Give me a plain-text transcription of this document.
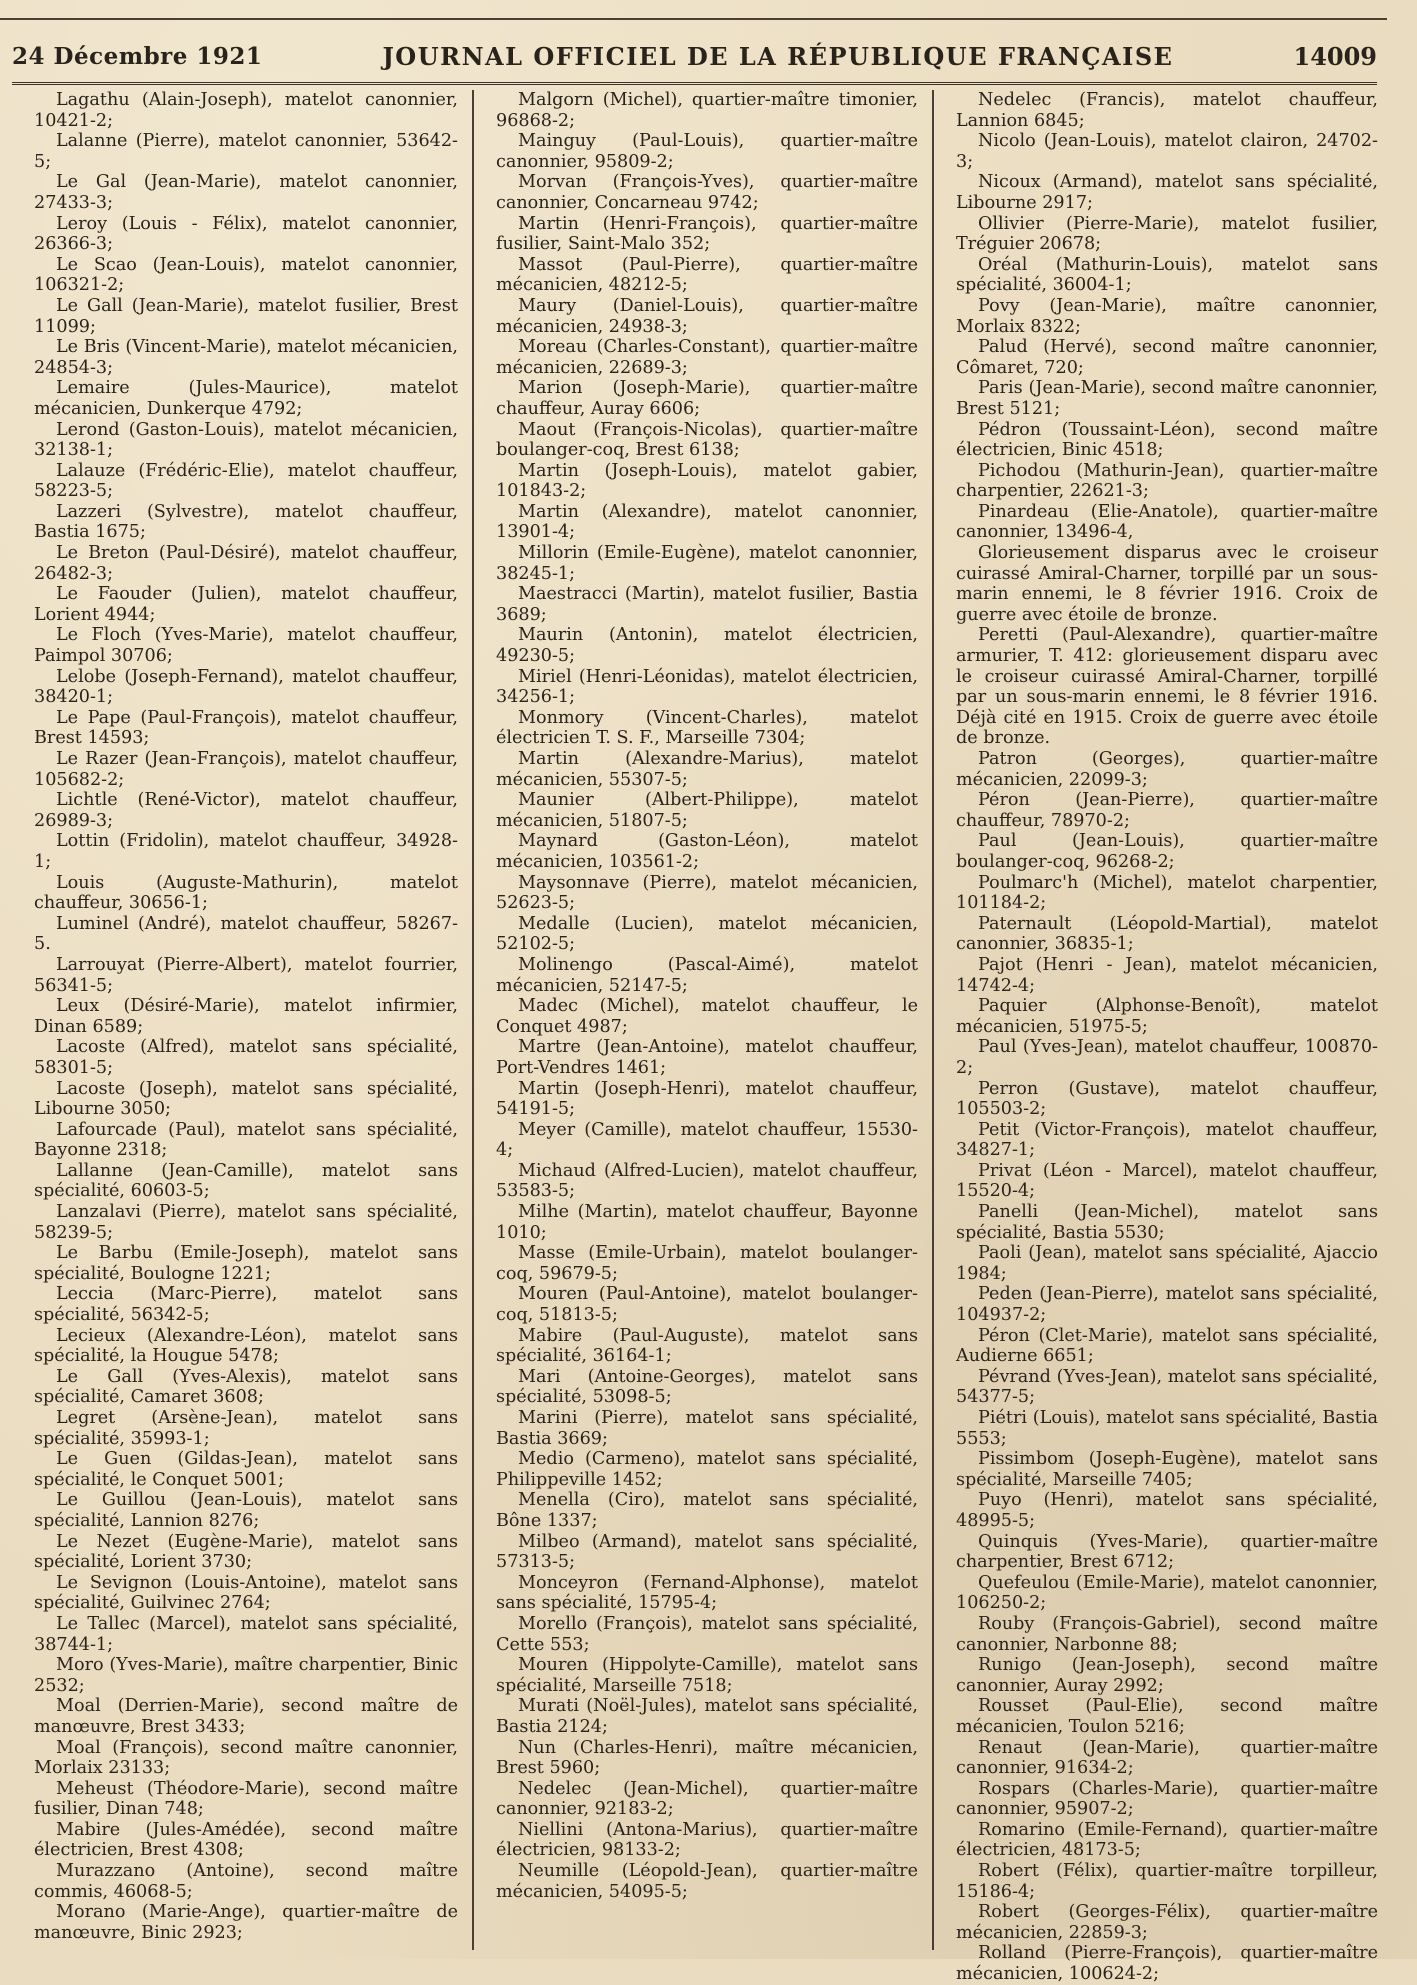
24 Décembre 1921	JOURNAL OFFICIEL DE LA RÉPUBLIQUE FRANÇAISE	14009

Lagathu (Alain-Joseph), matelot canonnier, 10421-2;

Lalanne (Pierre), matelot canonnier, 53642-5;

Le Gal (Jean-Marie), matelot canonnier, 27433-3;

Leroy (Louis - Félix), matelot canonnier, 26366-3;

Le Scao (Jean-Louis), matelot canonnier, 106321-2;

Le Gall (Jean-Marie), matelot fusilier, Brest 11099;

Le Bris (Vincent-Marie), matelot mécanicien, 24854-3;

Lemaire (Jules-Maurice), matelot mécanicien, Dunkerque 4792;

Lerond (Gaston-Louis), matelot mécanicien, 32138-1;

Lalauze (Frédéric-Elie), matelot chauffeur, 58223-5;

Lazzeri (Sylvestre), matelot chauffeur, Bastia 1675;

Le Breton (Paul-Désiré), matelot chauffeur, 26482-3;

Le Faouder (Julien), matelot chauffeur, Lorient 4944;

Le Floch (Yves-Marie), matelot chauffeur, Paimpol 30706;

Lelobe (Joseph-Fernand), matelot chauffeur, 38420-1;

Le Pape (Paul-François), matelot chauffeur, Brest 14593;

Le Razer (Jean-François), matelot chauffeur, 105682-2;

Lichtle (René-Victor), matelot chauffeur, 26989-3;

Lottin (Fridolin), matelot chauffeur, 34928-1;

Louis (Auguste-Mathurin), matelot chauffeur, 30656-1;

Luminel (André), matelot chauffeur, 58267-5.

Larrouyat (Pierre-Albert), matelot fourrier, 56341-5;

Leux (Désiré-Marie), matelot infirmier, Dinan 6589;

Lacoste (Alfred), matelot sans spécialité, 58301-5;

Lacoste (Joseph), matelot sans spécialité, Libourne 3050;

Lafourcade (Paul), matelot sans spécialité, Bayonne 2318;

Lallanne (Jean-Camille), matelot sans spécialité, 60603-5;

Lanzalavi (Pierre), matelot sans spécialité, 58239-5;

Le Barbu (Emile-Joseph), matelot sans spécialité, Boulogne 1221;

Leccia (Marc-Pierre), matelot sans spécialité, 56342-5;

Lecieux (Alexandre-Léon), matelot sans spécialité, la Hougue 5478;

Le Gall (Yves-Alexis), matelot sans spécialité, Camaret 3608;

Legret (Arsène-Jean), matelot sans spécialité, 35993-1;

Le Guen (Gildas-Jean), matelot sans spécialité, le Conquet 5001;

Le Guillou (Jean-Louis), matelot sans spécialité, Lannion 8276;

Le Nezet (Eugène-Marie), matelot sans spécialité, Lorient 3730;

Le Sevignon (Louis-Antoine), matelot sans spécialité, Guilvinec 2764;

Le Tallec (Marcel), matelot sans spécialité, 38744-1;

Moro (Yves-Marie), maître charpentier, Binic 2532;

Moal (Derrien-Marie), second maître de manœuvre, Brest 3433;

Moal (François), second maître canonnier, Morlaix 23133;

Meheust (Théodore-Marie), second maître fusilier, Dinan 748;

Mabire (Jules-Amédée), second maître électricien, Brest 4308;

Murazzano (Antoine), second maître commis, 46068-5;

Morano (Marie-Ange), quartier-maître de manœuvre, Binic 2923;

Malgorn (Michel), quartier-maître timonier, 96868-2;

Mainguy (Paul-Louis), quartier-maître canonnier, 95809-2;

Morvan (François-Yves), quartier-maître canonnier, Concarneau 9742;

Martin (Henri-François), quartier-maître fusilier, Saint-Malo 352;

Massot (Paul-Pierre), quartier-maître mécanicien, 48212-5;

Maury (Daniel-Louis), quartier-maître mécanicien, 24938-3;

Moreau (Charles-Constant), quartier-maître mécanicien, 22689-3;

Marion (Joseph-Marie), quartier-maître chauffeur, Auray 6606;

Maout (François-Nicolas), quartier-maître boulanger-coq, Brest 6138;

Martin (Joseph-Louis), matelot gabier, 101843-2;

Martin (Alexandre), matelot canonnier, 13901-4;

Millorin (Emile-Eugène), matelot canonnier, 38245-1;

Maestracci (Martin), matelot fusilier, Bastia 3689;

Maurin (Antonin), matelot électricien, 49230-5;

Miriel (Henri-Léonidas), matelot électricien, 34256-1;

Monmory (Vincent-Charles), matelot électricien T. S. F., Marseille 7304;

Martin (Alexandre-Marius), matelot mécanicien, 55307-5;

Maunier (Albert-Philippe), matelot mécanicien, 51807-5;

Maynard (Gaston-Léon), matelot mécanicien, 103561-2;

Maysonnave (Pierre), matelot mécanicien, 52623-5;

Medalle (Lucien), matelot mécanicien, 52102-5;

Molinengo (Pascal-Aimé), matelot mécanicien, 52147-5;

Madec (Michel), matelot chauffeur, le Conquet 4987;

Martre (Jean-Antoine), matelot chauffeur, Port-Vendres 1461;

Martin (Joseph-Henri), matelot chauffeur, 54191-5;

Meyer (Camille), matelot chauffeur, 15530-4;

Michaud (Alfred-Lucien), matelot chauffeur, 53583-5;

Milhe (Martin), matelot chauffeur, Bayonne 1010;

Masse (Emile-Urbain), matelot boulanger-coq, 59679-5;

Mouren (Paul-Antoine), matelot boulanger-coq, 51813-5;

Mabire (Paul-Auguste), matelot sans spécialité, 36164-1;

Mari (Antoine-Georges), matelot sans spécialité, 53098-5;

Marini (Pierre), matelot sans spécialité, Bastia 3669;

Medio (Carmeno), matelot sans spécialité, Philippeville 1452;

Menella (Ciro), matelot sans spécialité, Bône 1337;

Milbeo (Armand), matelot sans spécialité, 57313-5;

Monceyron (Fernand-Alphonse), matelot sans spécialité, 15795-4;

Morello (François), matelot sans spécialité, Cette 553;

Mouren (Hippolyte-Camille), matelot sans spécialité, Marseille 7518;

Murati (Noël-Jules), matelot sans spécialité, Bastia 2124;

Nun (Charles-Henri), maître mécanicien, Brest 5960;

Nedelec (Jean-Michel), quartier-maître canonnier, 92183-2;

Niellini (Antona-Marius), quartier-maître électricien, 98133-2;

Neumille (Léopold-Jean), quartier-maître mécanicien, 54095-5;

Nedelec (Francis), matelot chauffeur, Lannion 6845;

Nicolo (Jean-Louis), matelot clairon, 24702-3;

Nicoux (Armand), matelot sans spécialité, Libourne 2917;

Ollivier (Pierre-Marie), matelot fusilier, Tréguier 20678;

Oréal (Mathurin-Louis), matelot sans spécialité, 36004-1;

Povy (Jean-Marie), maître canonnier, Morlaix 8322;

Palud (Hervé), second maître canonnier, Cômaret, 720;

Paris (Jean-Marie), second maître canonnier, Brest 5121;

Pédron (Toussaint-Léon), second maître électricien, Binic 4518;

Pichodou (Mathurin-Jean), quartier-maître charpentier, 22621-3;

Pinardeau (Elie-Anatole), quartier-maître canonnier, 13496-4,

Glorieusement disparus avec le croiseur cuirassé Amiral-Charner, torpillé par un sous-marin ennemi, le 8 février 1916. Croix de guerre avec étoile de bronze.

Peretti (Paul-Alexandre), quartier-maître armurier, T. 412: glorieusement disparu avec le croiseur cuirassé Amiral-Charner, torpillé par un sous-marin ennemi, le 8 février 1916. Déjà cité en 1915. Croix de guerre avec étoile de bronze.

Patron (Georges), quartier-maître mécanicien, 22099-3;

Péron (Jean-Pierre), quartier-maître chauffeur, 78970-2;

Paul (Jean-Louis), quartier-maître boulanger-coq, 96268-2;

Poulmarc'h (Michel), matelot charpentier, 101184-2;

Paternault (Léopold-Martial), matelot canonnier, 36835-1;

Pajot (Henri - Jean), matelot mécanicien, 14742-4;

Paquier (Alphonse-Benoît), matelot mécanicien, 51975-5;

Paul (Yves-Jean), matelot chauffeur, 100870-2;

Perron (Gustave), matelot chauffeur, 105503-2;

Petit (Victor-François), matelot chauffeur, 34827-1;

Privat (Léon - Marcel), matelot chauffeur, 15520-4;

Panelli (Jean-Michel), matelot sans spécialité, Bastia 5530;

Paoli (Jean), matelot sans spécialité, Ajaccio 1984;

Peden (Jean-Pierre), matelot sans spécialité, 104937-2;

Péron (Clet-Marie), matelot sans spécialité, Audierne 6651;

Pévrand (Yves-Jean), matelot sans spécialité, 54377-5;

Piétri (Louis), matelot sans spécialité, Bastia 5553;

Pissimbom (Joseph-Eugène), matelot sans spécialité, Marseille 7405;

Puyo (Henri), matelot sans spécialité, 48995-5;

Quinquis (Yves-Marie), quartier-maître charpentier, Brest 6712;

Quefeulou (Emile-Marie), matelot canonnier, 106250-2;

Rouby (François-Gabriel), second maître canonnier, Narbonne 88;

Runigo (Jean-Joseph), second maître canonnier, Auray 2992;

Rousset (Paul-Elie), second maître mécanicien, Toulon 5216;

Renaut (Jean-Marie), quartier-maître canonnier, 91634-2;

Rospars (Charles-Marie), quartier-maître canonnier, 95907-2;

Romarino (Emile-Fernand), quartier-maître électricien, 48173-5;

Robert (Félix), quartier-maître torpilleur, 15186-4;

Robert (Georges-Félix), quartier-maître mécanicien, 22859-3;

Rolland (Pierre-François), quartier-maître mécanicien, 100624-2;
